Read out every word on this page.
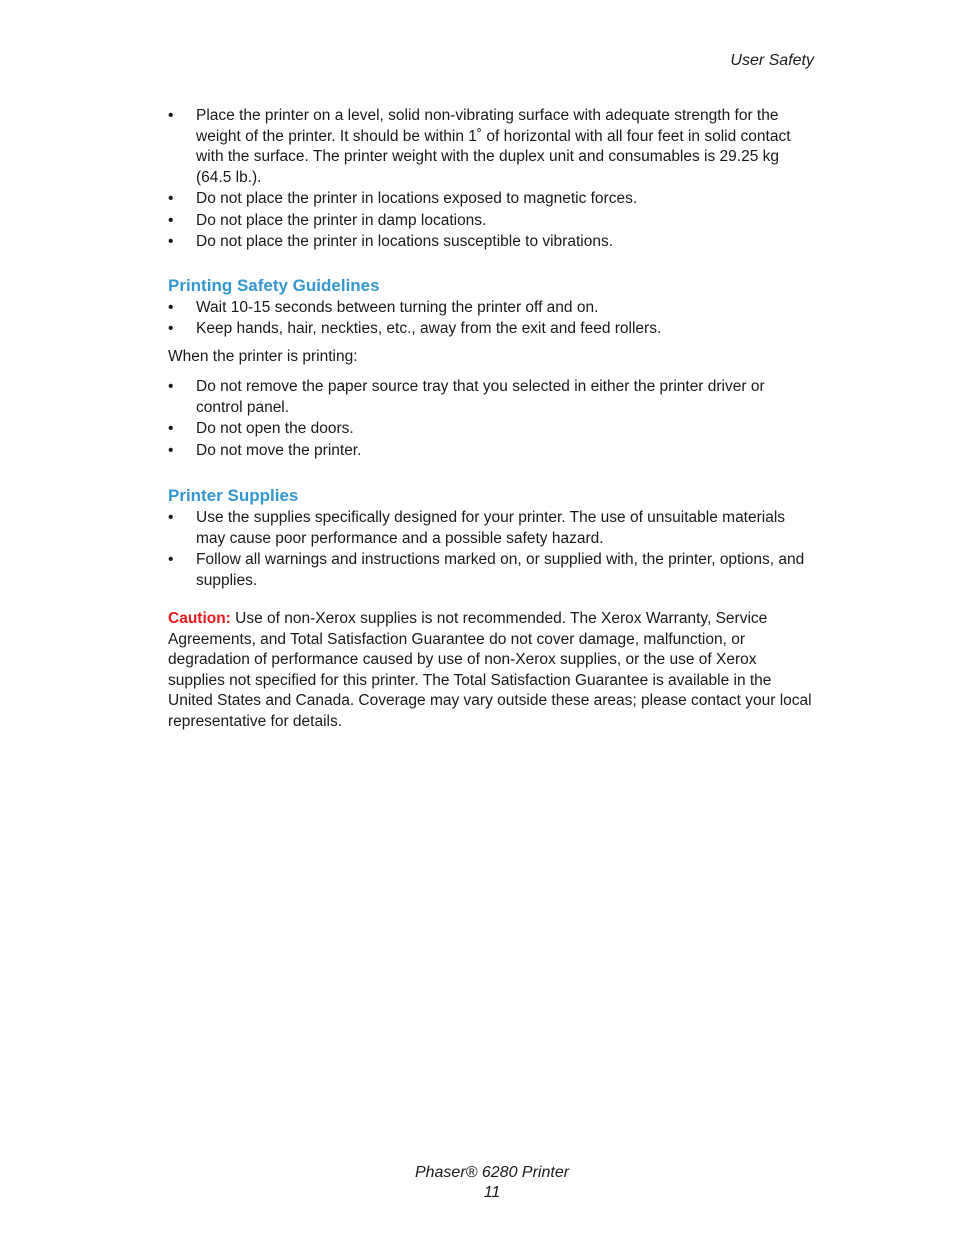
User Safety
• Place the printer on a level, solid non-vibrating surface with adequate strength for the weight of the printer. It should be within 1˚ of horizontal with all four feet in solid contact with the surface. The printer weight with the duplex unit and consumables is 29.25 kg (64.5 lb.).
• Do not place the printer in locations exposed to magnetic forces.
• Do not place the printer in damp locations.
• Do not place the printer in locations susceptible to vibrations.
Printing Safety Guidelines
• Wait 10-15 seconds between turning the printer off and on.
• Keep hands, hair, neckties, etc., away from the exit and feed rollers.

When the printer is printing:

• Do not remove the paper source tray that you selected in either the printer driver or control panel.
• Do not open the doors.
• Do not move the printer.
Printer Supplies
• Use the supplies specifically designed for your printer. The use of unsuitable materials may cause poor performance and a possible safety hazard.
• Follow all warnings and instructions marked on, or supplied with, the printer, options, and supplies.

Caution: Use of non-Xerox supplies is not recommended. The Xerox Warranty, Service Agreements, and Total Satisfaction Guarantee do not cover damage, malfunction, or degradation of performance caused by use of non-Xerox supplies, or the use of Xerox supplies not specified for this printer. The Total Satisfaction Guarantee is available in the United States and Canada. Coverage may vary outside these areas; please contact your local representative for details.

Phaser® 6280 Printer
11
